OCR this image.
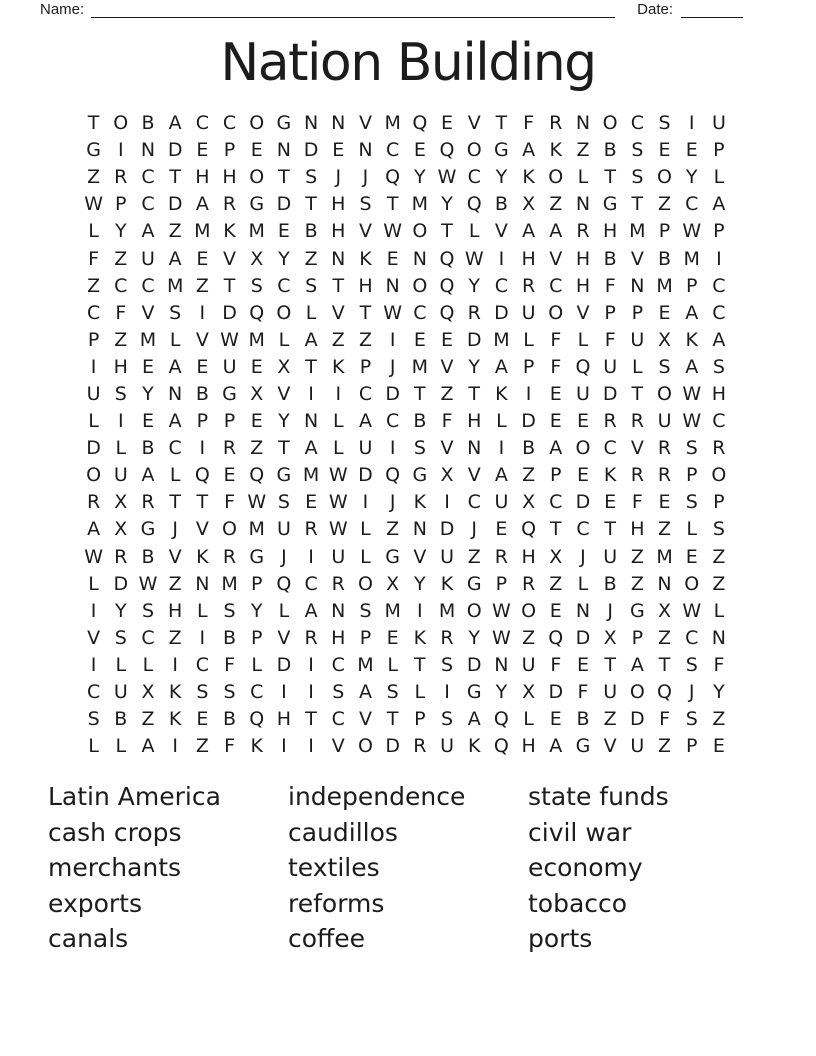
Name:	Date:
Nation Building
T O B A C C O G N N V M Q E V T F R N O C S I U
G I N D E P E N D E N C E Q O G A K Z B S E E P
Z R C T H H O T S J	J Q Y W C Y K O L T S O Y L
W P C D A R G D T H S T M Y Q B X Z N G T Z C A
L Y A Z M K M E B H V W O T L V A A R H M P W P
F Z U A E V X Y Z N K E N Q W I H V H B V B M I
Z C C M Z T S C S T H N O Q Y C R C H F N M P C
C F V S I D Q O L V T W C Q R D U O V P P E A C
P Z M L V W M L A Z Z I E E D M L F L F U X K A
I H E A E U E X T K P J M V Y A P F Q U L S A S
U S Y N B G X V I	I C D T Z T K I E U D T O W H
L	I E A P P E Y N L A C B F H L D E E R R U W C
D L B C I R Z T A L U I S V N I B A O C V R S R
O U A L Q E Q G M W D Q G X V A Z P E K R R P O
R X R T T F W S E W I	J K I C U X C D E F E S P
A X G J V O M U R W L Z N D J E Q T C T H Z L S
W R B V K R G J	I U L G V U Z R H X J U Z M E Z
L D W Z N M P Q C R O X Y K G P R Z L B Z N O Z
I Y S H L S Y L A N S M I M O W O E N J G X W L
V S C Z I B P V R H P E K R Y W Z Q D X P Z C N
I	L L	I C F L D I C M L T S D N U F E T A T S F
C U X K S S C I	I S A S L	I G Y X D F U O Q J Y
S B Z K E B Q H T C V T P S A Q L E B Z D F S Z
L L A I Z F K I	I V O D R U K Q H A G V U Z P E
Latin America
cash crops
merchants
exports
canals
independence
caudillos
textiles
reforms
coffee
state funds
civil war
economy
tobacco
ports
